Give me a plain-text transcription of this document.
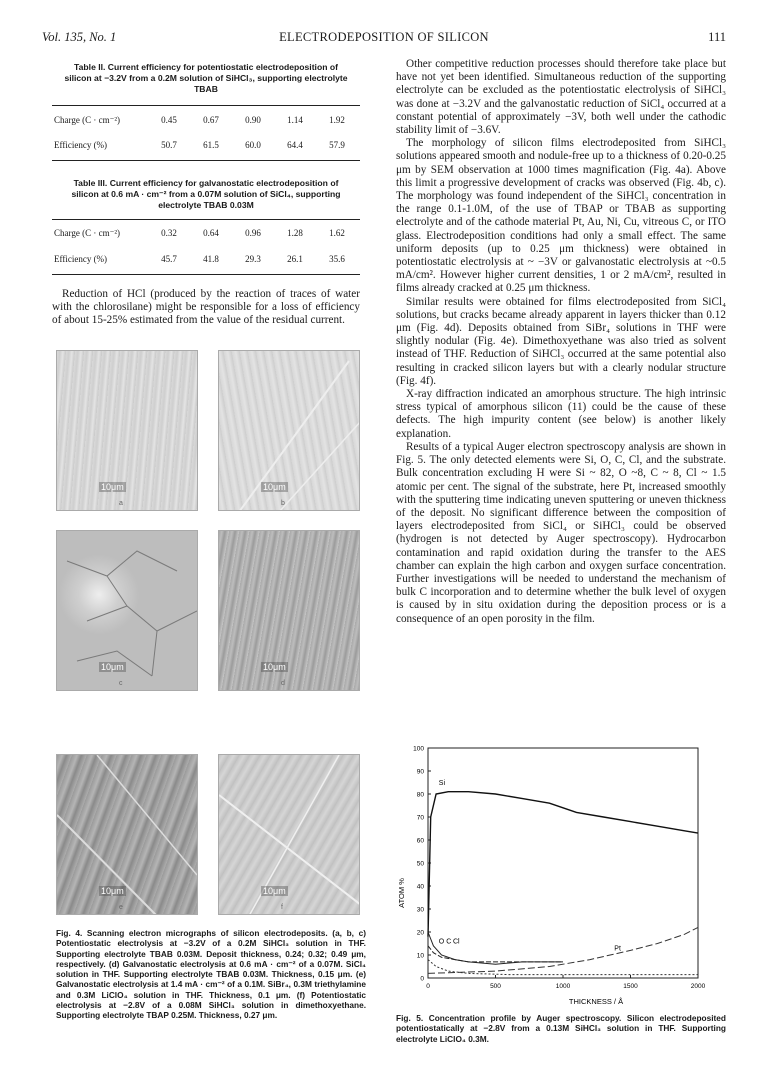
Vol. 135, No. 1	ELECTRODEPOSITION OF SILICON	111
Table II. Current efficiency for potentiostatic electrodeposition of silicon at −3.2V from a 0.2M solution of SiHCl₃, supporting electrolyte TBAB
Charge (C · cm⁻²)	0.45	0.67	0.90	1.14	1.92
Efficiency (%)	50.7	61.5	60.0	64.4	57.9
Table III. Current efficiency for galvanostatic electrodeposition of silicon at 0.6 mA · cm⁻² from a 0.07M solution of SiCl₄, supporting electrolyte TBAB 0.03M
Charge (C · cm⁻²)	0.32	0.64	0.96	1.28	1.62
Efficiency (%)	45.7	41.8	29.3	26.1	35.6

Reduction of HCl (produced by the reaction of traces of water with the chlorosilane) might be responsible for a loss of efficiency of about 15-25% estimated from the value of the residual current.

10μm
a
10μm
b
10μm
c
10μm
d
10μm
e
10μm
f
Fig. 4. Scanning electron micrographs of silicon electrodeposits. (a, b, c) Potentiostatic electrolysis at −3.2V of a 0.2M SiHCl₃ solution in THF. Supporting electrolyte TBAB 0.03M. Deposit thickness, 0.24; 0.32; 0.49 μm, respectively. (d) Galvanostatic electrolysis at 0.6 mA · cm⁻² of a 0.07M. SiCl₄ solution in THF. Supporting electrolyte TBAB 0.03M. Thickness, 0.15 μm. (e) Galvanostatic electrolysis at 1.4 mA · cm⁻² of a 0.1M. SiBr₄, 0.3M triethylamine and 0.3M LiClO₄ solution in THF. Thickness, 0.1 μm. (f) Potentiostatic electrolysis at −2.8V of a 0.08M SiHCl₃ solution in dimethoxyethane. Supporting electrolyte TBAP 0.25M. Thickness, 0.27 μm.

Other competitive reduction processes should therefore take place but have not yet been identified. Simultaneous reduction of the supporting electrolyte can be excluded as the potentiostatic electrolysis of SiHCl₃ was done at −3.2V and the galvanostatic reduction of SiCl₄ occurred at a constant potential of approximately −3V, both well under the cathodic stability limit of −3.6V.

The morphology of silicon films electrodeposited from SiHCl₃ solutions appeared smooth and nodule-free up to a thickness of 0.20-0.25 μm by SEM observation at 1000 times magnification (Fig. 4a). Above this limit a progressive development of cracks was observed (Fig. 4b, c). The morphology was found independent of the SiHCl₃ concentration in the range 0.1-1.0M, of the use of TBAP or TBAB as supporting electrolyte and of the cathode material Pt, Au, Ni, Cu, vitreous C, or ITO glass. Electrodeposition conditions had only a small effect. The same uniform deposits (up to 0.25 μm thickness) were obtained in potentiostatic electrolysis at ~ −3V or galvanostatic electrolysis at ~0.5 mA/cm². However higher current densities, 1 or 2 mA/cm², resulted in films already cracked at 0.25 μm thickness.

Similar results were obtained for films electrodeposited from SiCl₄ solutions, but cracks became already apparent in layers thicker than 0.12 μm (Fig. 4d). Deposits obtained from SiBr₄ solutions in THF were slightly nodular (Fig. 4e). Dimethoxyethane was also tried as solvent instead of THF. Reduction of SiHCl₃ occurred at the same potential also resulting in cracked silicon layers but with a clearly nodular structure (Fig. 4f).

X-ray diffraction indicated an amorphous structure. The high intrinsic stress typical of amorphous silicon (11) could be the cause of these defects. The high impurity content (see below) is another likely explanation.

Results of a typical Auger electron spectroscopy analysis are shown in Fig. 5. The only detected elements were Si, O, C, Cl, and the substrate. Bulk concentration excluding H were Si ~ 82, O ~8, C ~ 8, Cl ~ 1.5 atomic per cent. The signal of the substrate, here Pt, increased smoothly with the sputtering time indicating uneven sputtering or uneven thickness of the deposit. No significant difference between the composition of layers electrodeposited from SiCl₄ or SiHCl₃ could be observed (hydrogen is not detected by Auger spectroscopy). Hydrocarbon contamination and rapid oxidation during the transfer to the AES chamber can explain the high carbon and oxygen surface concentration. Further investigations will be needed to understand the mechanism of bulk C incorporation and to determine whether the bulk level of oxygen is caused by in situ oxidation during the deposition process or is a consequence of an open porosity in the film.

0
10
20
30
40
50
60
70
80
90
100
0	500	1000	1500	2000
Si
O C Cl
Pt
ATOM %
THICKNESS / Å
Fig. 5. Concentration profile by Auger spectroscopy. Silicon electrodeposited potentiostatically at −2.8V from a 0.13M SiHCl₃ solution in THF. Supporting electrolyte LiClO₄ 0.3M.
